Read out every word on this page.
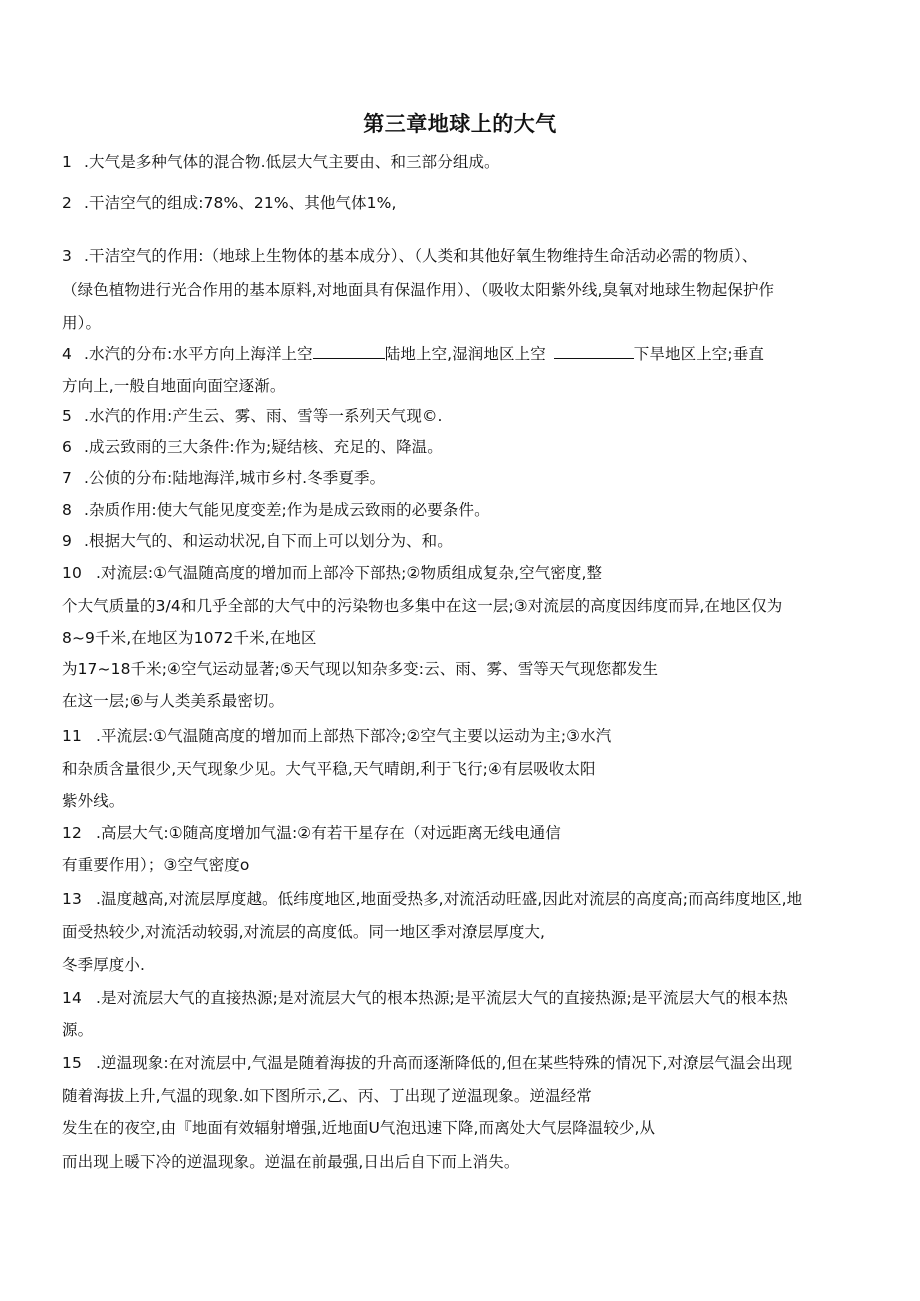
第三章地球上的大气
1 .大气是多种气体的混合物.低层大气主要由、和三部分组成。
2 .干洁空气的组成:78%、21%、其他气体1%,
3 .干洁空气的作用:（地球上生物体的基本成分）、（人类和其他好氧生物维持生命活动必需的物质）、
（绿色植物进行光合作用的基本原料,对地面具有保温作用）、（吸收太阳紫外线,臭氧对地球生物起保护作
用）。
4 .水汽的分布:水平方向上海洋上空	陆地上空,湿润地区上空	下旱地区上空;垂直
方向上,一般自地面向面空逐渐。
5 .水汽的作用:产生云、雾、雨、雪等一系列天气现©.
6 .成云致雨的三大条件:作为;疑结核、充足的、降温。
7 .公侦的分布:陆地海洋,城市乡村.冬季夏季。
8 .杂质作用:使大气能见度变差;作为是成云致雨的必要条件。
9 .根据大气的、和运动状况,自下而上可以划分为、和。
10 .对流层:①气温随高度的增加而上部冷下部热;②物质组成复杂,空气密度,整
个大气质量的3/4和几乎全部的大气中的污染物也多集中在这一层;③对流层的高度因纬度而异,在地区仅为
8~9千米,在地区为1072千米,在地区
为17~18千米;④空气运动显著;⑤天气现以知杂多变:云、雨、雾、雪等天气现您都发生
在这一层;⑥与人类美系最密切。
11 .平流层:①气温随高度的增加而上部热下部冷;②空气主要以运动为主;③水汽
和杂质含量很少,天气现象少见。大气平稳,天气晴朗,利于飞行;④有层吸收太阳
紫外线。
12 .高层大气:①随高度增加气温:②有若干星存在（对远距离无线电通信
有重要作用）；③空气密度o
13 .温度越高,对流层厚度越。低纬度地区,地面受热多,对流活动旺盛,因此对流层的高度高;而高纬度地区,地
面受热较少,对流活动较弱,对流层的高度低。同一地区季对潦层厚度大,
冬季厚度小.
14 .是对流层大气的直接热源;是对流层大气的根本热源;是平流层大气的直接热源;是平流层大气的根本热
源。
15 .逆温现象:在对流层中,气温是随着海拔的升高而逐渐降低的,但在某些特殊的情况下,对潦层气温会出现
随着海拔上升,气温的现象.如下图所示,乙、丙、丁出现了逆温现象。逆温经常
发生在的夜空,由『地面有效辐射增强,近地面U气泡迅速下降,而离处大气层降温较少,从
而出现上暖下冷的逆温现象。逆温在前最强,日出后自下而上消失。
